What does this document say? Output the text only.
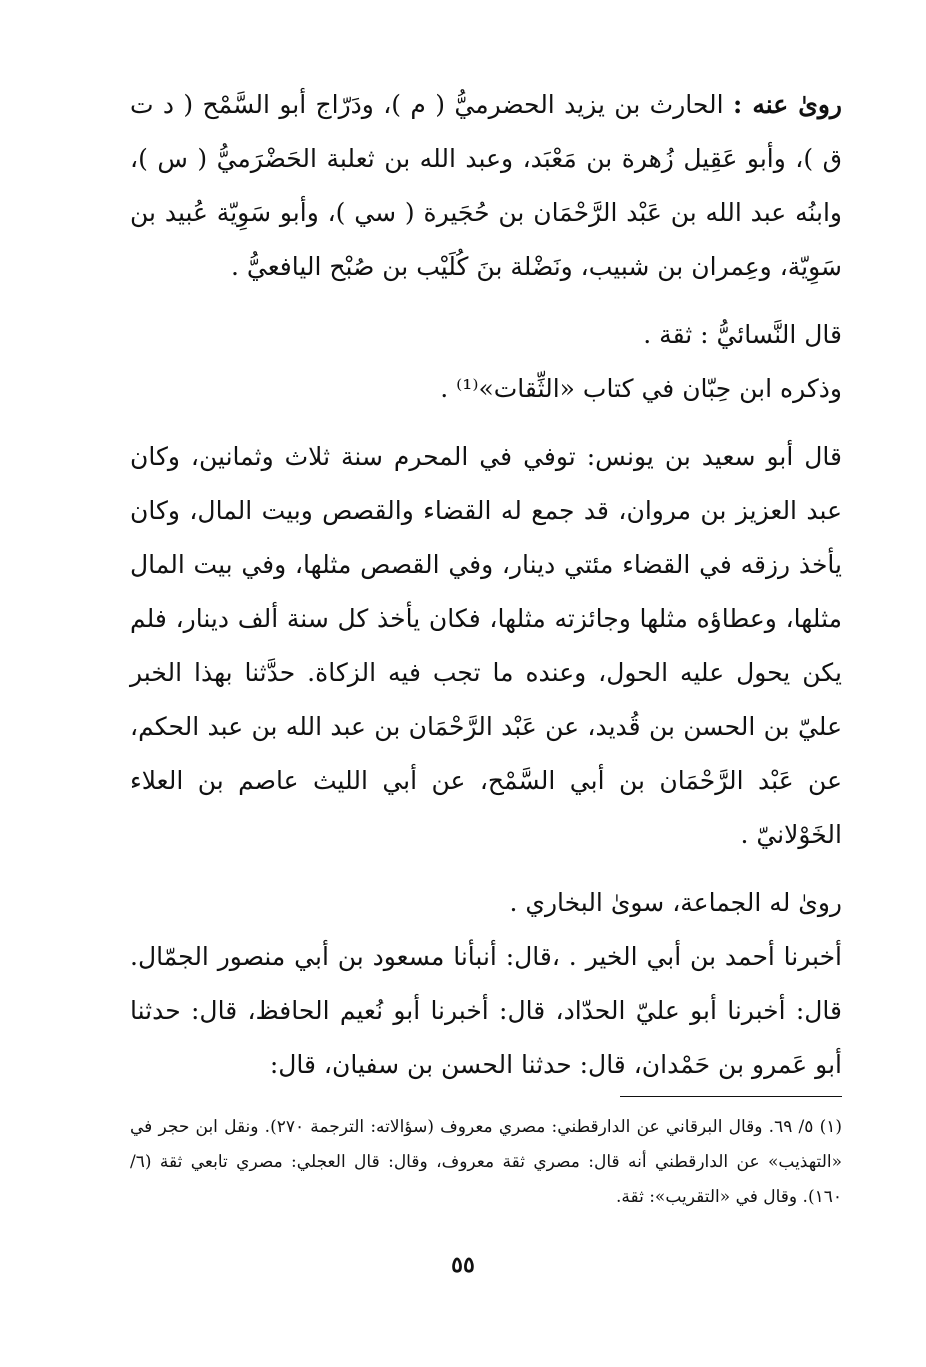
روىٰ عنه : الحارث بن يزيد الحضرميُّ ( م )، ودَرّاج أبو السَّمْح ( د ت ق )، وأبو عَقِيل زُهرة بن مَعْبَد، وعبد الله بن ثعلبة الحَضْرَميُّ ( س )، وابنُه عبد الله بن عَبْد الرَّحْمَان بن حُجَيرة ( سي )، وأبو سَوِيّة عُبيد بن سَوِيّة، وعِمران بن شبيب، ونَضْلة بنَ كُلَيْب بن صُبْح اليافعيُّ .

قال النَّسائيُّ : ثقة .

وذكره ابن حِبّان في كتاب «الثِّقات»⁽¹⁾ .

قال أبو سعيد بن يونس: توفي في المحرم سنة ثلاث وثمانين، وكان عبد العزيز بن مروان، قد جمع له القضاء والقصص وبيت المال، وكان يأخذ رزقه في القضاء مئتي دينار، وفي القصص مثلها، وفي بيت المال مثلها، وعطاؤه مثلها وجائزته مثلها، فكان يأخذ كل سنة ألف دينار، فلم يكن يحول عليه الحول، وعنده ما تجب فيه الزكاة. حدَّثنا بهذا الخبر عليّ بن الحسن بن قُديد، عن عَبْد الرَّحْمَان بن عبد الله بن عبد الحكم، عن عَبْد الرَّحْمَان بن أبي السَّمْح، عن أبي الليث عاصم بن العلاء الخَوْلانيّ .

روىٰ له الجماعة، سوىٰ البخاري .

أخبرنا أحمد بن أبي الخير . ،قال: أنبأنا مسعود بن أبي منصور الجمّال. قال: أخبرنا أبو عليّ الحدّاد، قال: أخبرنا أبو نُعيم الحافظ، قال: حدثنا أبو عَمرو بن حَمْدان، قال: حدثنا الحسن بن سفيان، قال:

(١) ٥/ ٦٩. وقال البرقاني عن الدارقطني: مصري معروف (سؤالاته: الترجمة ٢٧٠). ونقل ابن حجر في «التهذيب» عن الدارقطني أنه قال: مصري ثقة معروف، وقال: قال العجلي: مصري تابعي ثقة (٦/ ١٦٠). وقال في «التقريب»: ثقة.

٥٥
